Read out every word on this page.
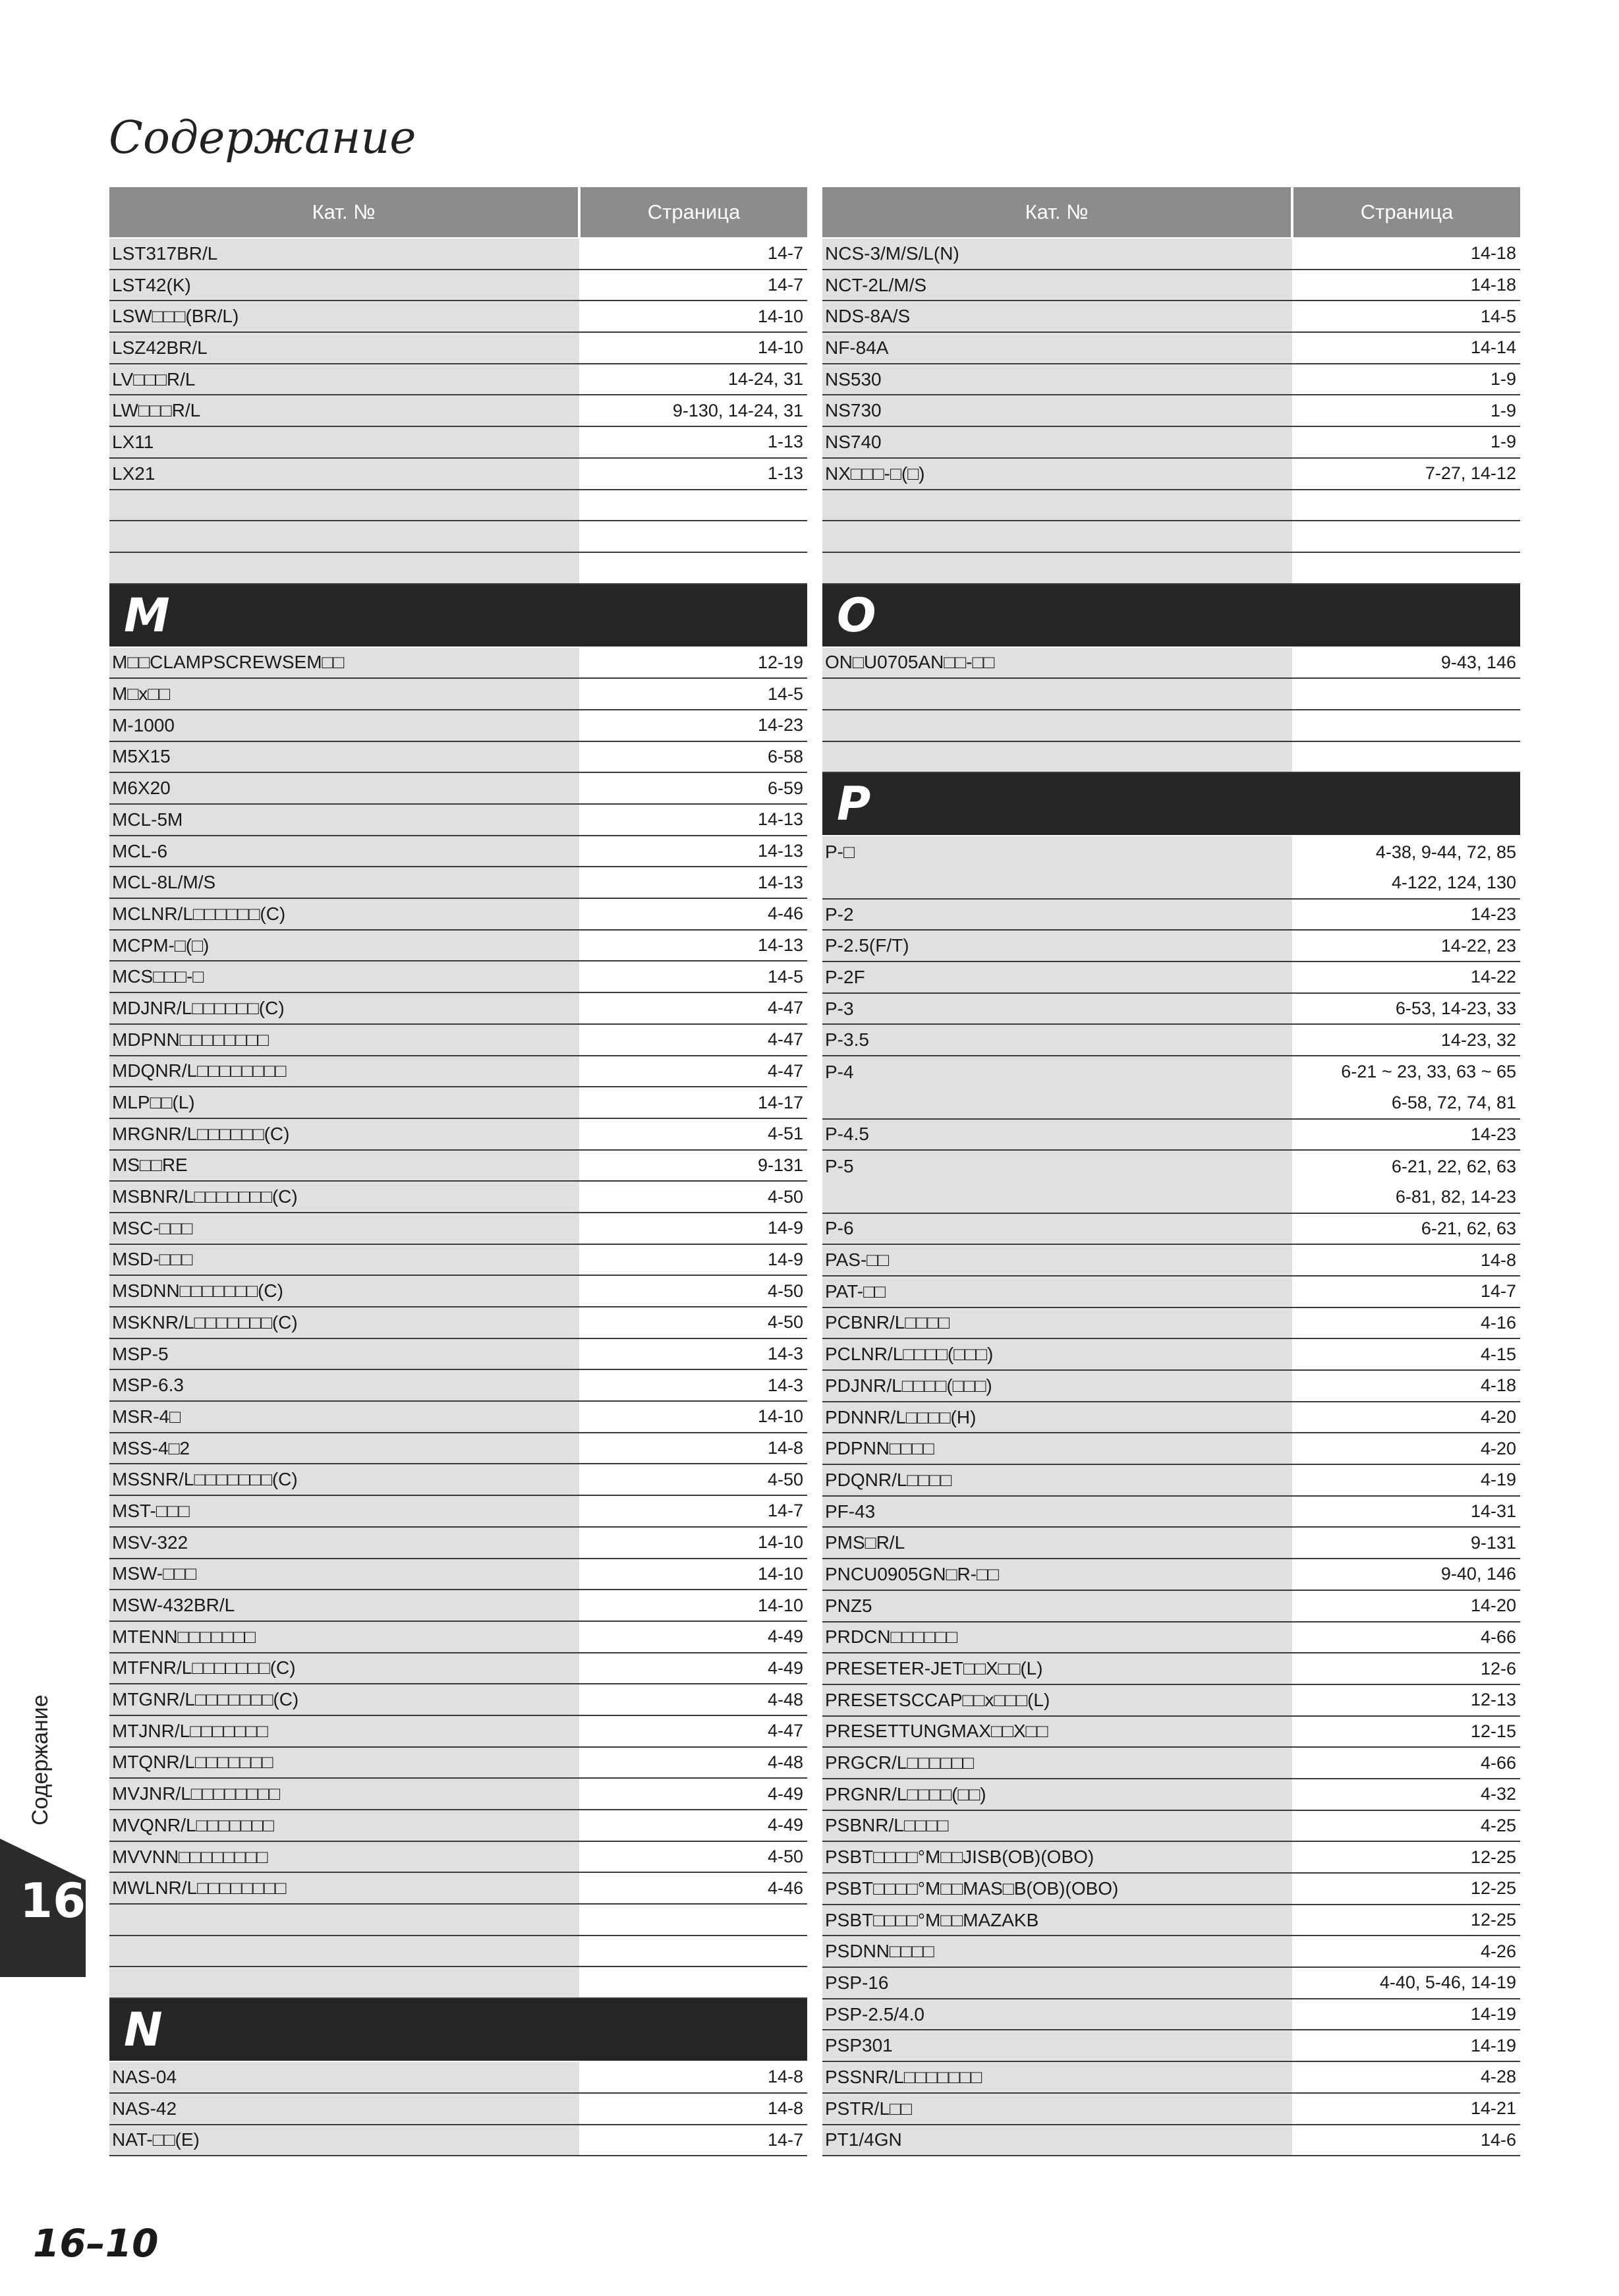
Содержание
Кат. №	Страница
LST317BR/L	14-7
LST42(K)	14-7
LSW□□□(BR/L)	14-10
LSZ42BR/L	14-10
LV□□□R/L	14-24, 31
LW□□□R/L	9-130, 14-24, 31
LX11	1-13
LX21	1-13
M
M□□CLAMPSCREWSEM□□	12-19
M□x□□	14-5
M-1000	14-23
M5X15	6-58
M6X20	6-59
MCL-5M	14-13
MCL-6	14-13
MCL-8L/M/S	14-13
MCLNR/L□□□□□□(C)	4-46
MCPM-□(□)	14-13
MCS□□□-□	14-5
MDJNR/L□□□□□□(C)	4-47
MDPNN□□□□□□□□	4-47
MDQNR/L□□□□□□□□	4-47
MLP□□(L)	14-17
MRGNR/L□□□□□□(C)	4-51
MS□□RE	9-131
MSBNR/L□□□□□□□(C)	4-50
MSC-□□□	14-9
MSD-□□□	14-9
MSDNN□□□□□□□(C)	4-50
MSKNR/L□□□□□□□(C)	4-50
MSP-5	14-3
MSP-6.3	14-3
MSR-4□	14-10
MSS-4□2	14-8
MSSNR/L□□□□□□□(C)	4-50
MST-□□□	14-7
MSV-322	14-10
MSW-□□□	14-10
MSW-432BR/L	14-10
MTENN□□□□□□□	4-49
MTFNR/L□□□□□□□(C)	4-49
MTGNR/L□□□□□□□(C)	4-48
MTJNR/L□□□□□□□	4-47
MTQNR/L□□□□□□□	4-48
MVJNR/L□□□□□□□□	4-49
MVQNR/L□□□□□□□	4-49
MVVNN□□□□□□□□	4-50
MWLNR/L□□□□□□□□	4-46
N
NAS-04	14-8
NAS-42	14-8
NAT-□□(E)	14-7
Кат. №	Страница
NCS-3/M/S/L(N)	14-18
NCT-2L/M/S	14-18
NDS-8A/S	14-5
NF-84A	14-14
NS530	1-9
NS730	1-9
NS740	1-9
NX□□□-□(□)	7-27, 14-12
O
ON□U0705AN□□-□□	9-43, 146
P
P-□	4-38, 9-44, 72, 85
4-122, 124, 130
P-2	14-23
P-2.5(F/T)	14-22, 23
P-2F	14-22
P-3	6-53, 14-23, 33
P-3.5	14-23, 32
P-4	6-21 ~ 23, 33, 63 ~ 65
6-58, 72, 74, 81
P-4.5	14-23
P-5	6-21, 22, 62, 63
6-81, 82, 14-23
P-6	6-21, 62, 63
PAS-□□	14-8
PAT-□□	14-7
PCBNR/L□□□□	4-16
PCLNR/L□□□□(□□□)	4-15
PDJNR/L□□□□(□□□)	4-18
PDNNR/L□□□□(H)	4-20
PDPNN□□□□	4-20
PDQNR/L□□□□	4-19
PF-43	14-31
PMS□R/L	9-131
PNCU0905GN□R-□□	9-40, 146
PNZ5	14-20
PRDCN□□□□□□	4-66
PRESETER-JET□□X□□(L)	12-6
PRESETSCCAP□□x□□□(L)	12-13
PRESETTUNGMAX□□X□□	12-15
PRGCR/L□□□□□□	4-66
PRGNR/L□□□□(□□)	4-32
PSBNR/L□□□□	4-25
PSBT□□□□°M□□JISB(OB)(OBO)	12-25
PSBT□□□□°M□□MAS□B(OB)(OBO)	12-25
PSBT□□□□°M□□MAZAKB	12-25
PSDNN□□□□	4-26
PSP-16	4-40, 5-46, 14-19
PSP-2.5/4.0	14-19
PSP301	14-19
PSSNR/L□□□□□□□	4-28
PSTR/L□□	14-21
PT1/4GN	14-6
16
Содержание
16–10
